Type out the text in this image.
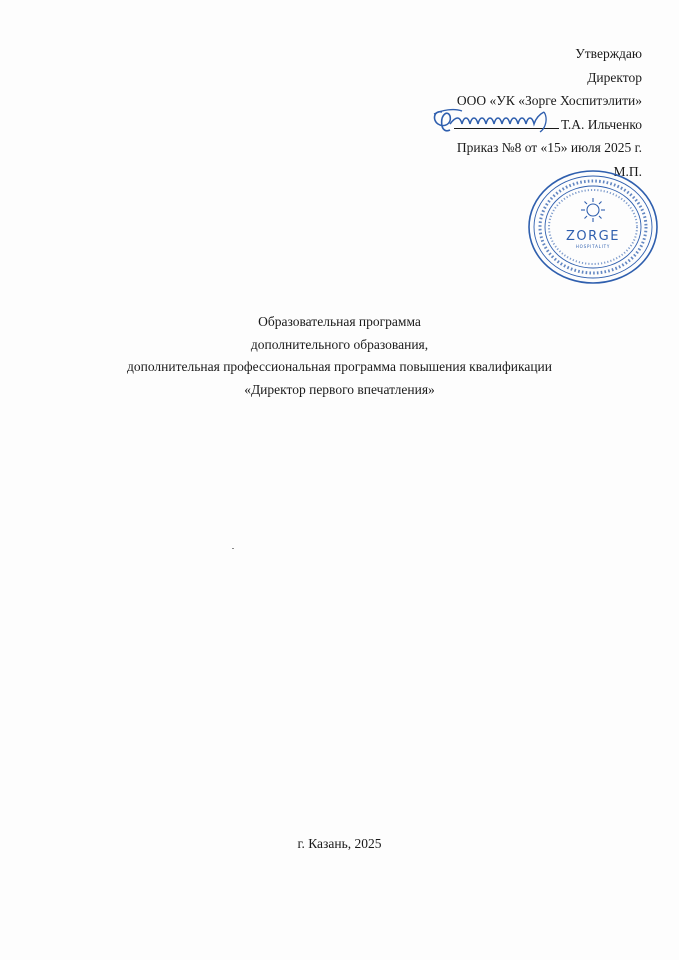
Утверждаю
Директор
ООО «УК «Зорге Хоспитэлити»
Т.А. Ильченко
Приказ №8 от «15» июля 2025 г.
М.П.
ZORGE
HOSPITALITY
Образовательная программа
дополнительного образования,
дополнительная профессиональная программа повышения квалификации
«Директор первого впечатления»
г. Казань, 2025
